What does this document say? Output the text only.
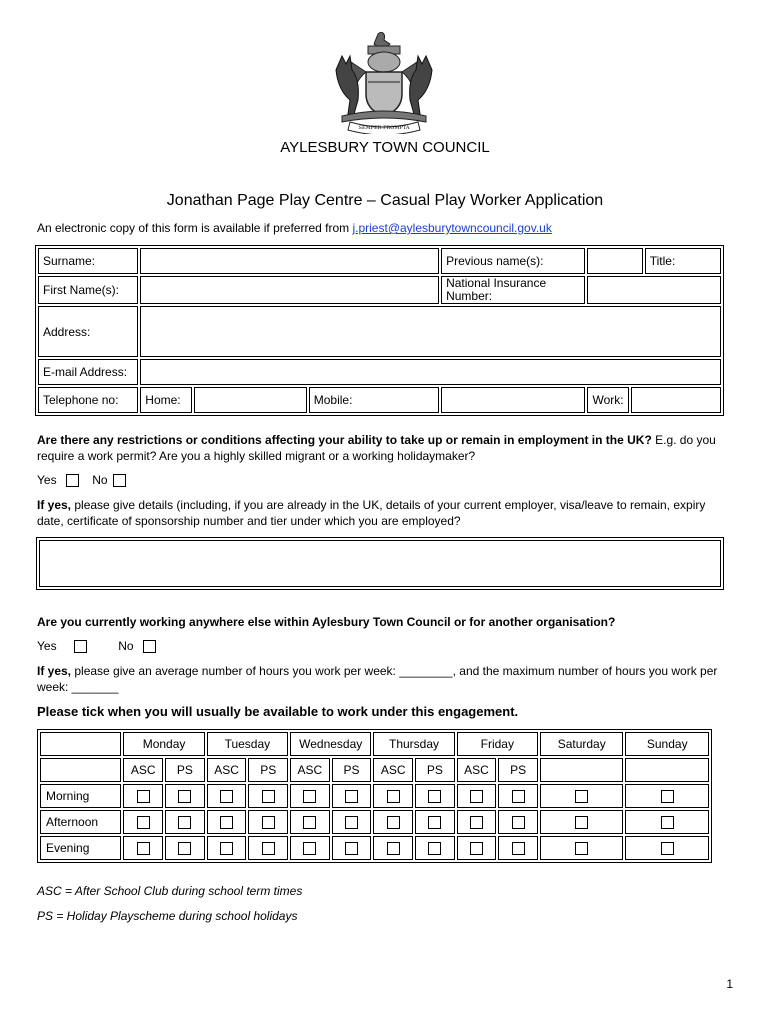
SEMPER PROMPTA
AYLESBURY TOWN COUNCIL
Jonathan Page Play Centre – Casual Play Worker Application
An electronic copy of this form is available if preferred from j.priest@aylesburytowncouncil.gov.uk
Surname:				Previous name(s):			Title:
First Name(s):				National Insurance Number:			
Address:							
E-mail Address:							
Telephone no:	Home:		Mobile:		Work:		
Are there any restrictions or conditions affecting your ability to take up or remain in employment in the UK? E.g. do you require a work permit? Are you a highly skilled migrant or a working holidaymaker?
Yes	No
If yes, please give details (including, if you are already in the UK, details of your current employer, visa/leave to remain, expiry date, certificate of sponsorship number and tier under which you are employed?
Are you currently working anywhere else within Aylesbury Town Council or for another organisation?
Yes	No
If yes, please give an average number of hours you work per week: ________, and the maximum number of hours you work per week: _______
Please tick when you will usually be available to work under this engagement.
	Monday		Tuesday		Wednesday		Thursday		Friday		Saturday	Sunday
	ASC	PS	ASC	PS	ASC	PS	ASC	PS	ASC	PS		
Morning												
Afternoon												
Evening												
ASC = After School Club during school term times
PS = Holiday Playscheme during school holidays
1
